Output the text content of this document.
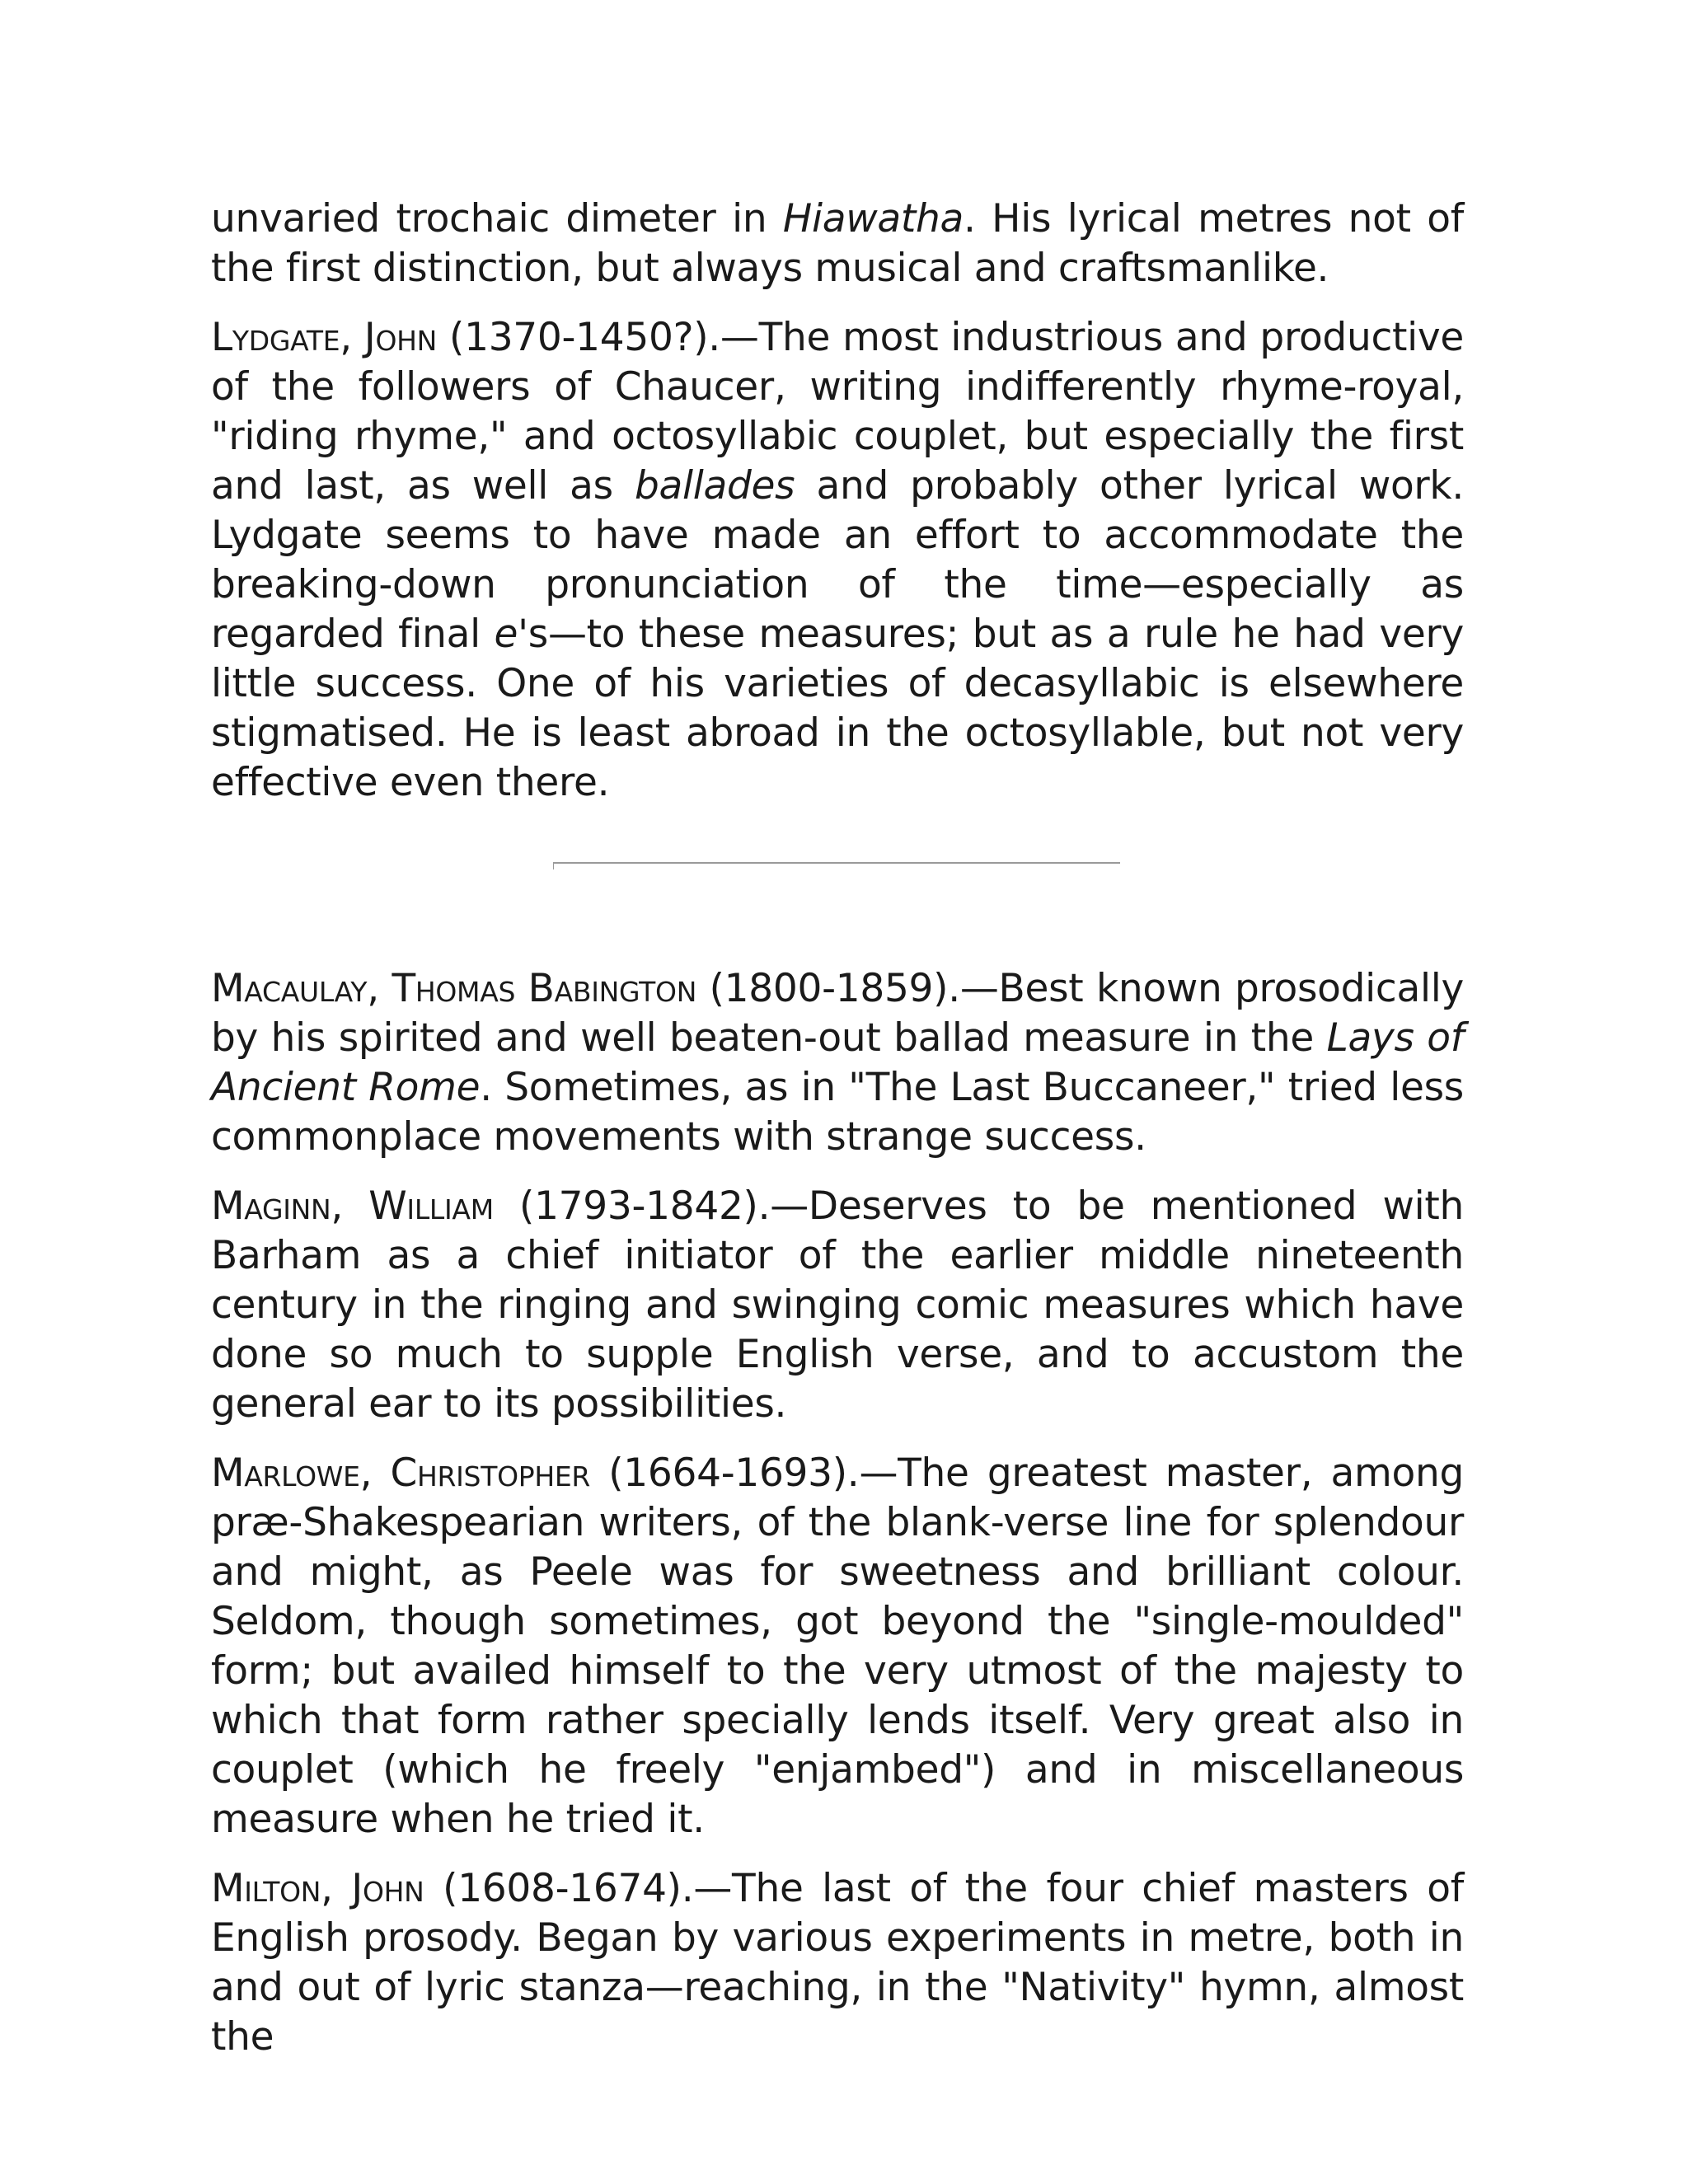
unvaried trochaic dimeter in Hiawatha. His lyrical metres not of the first distinction, but always musical and craftsmanlike.

Lydgate, John (1370-1450?).—The most industrious and productive of the followers of Chaucer, writing indifferently rhyme-royal, "riding rhyme," and octosyllabic couplet, but especially the first and last, as well as ballades and probably other lyrical work. Lydgate seems to have made an effort to accommodate the breaking-down pronunciation of the time—especially as regarded final e's—to these measures; but as a rule he had very little success. One of his varieties of decasyllabic is elsewhere stigmatised. He is least abroad in the octosyllable, but not very effective even there.

Macaulay, Thomas Babington (1800-1859).—Best known prosodically by his spirited and well beaten-out ballad measure in the Lays of Ancient Rome. Sometimes, as in "The Last Buccaneer," tried less commonplace movements with strange success.

Maginn, William (1793-1842).—Deserves to be mentioned with Barham as a chief initiator of the earlier middle nineteenth century in the ringing and swinging comic measures which have done so much to supple English verse, and to accustom the general ear to its possibilities.

Marlowe, Christopher (1664-1693).—The greatest master, among præ-Shakespearian writers, of the blank-verse line for splendour and might, as Peele was for sweetness and brilliant colour. Seldom, though sometimes, got beyond the "single-moulded" form; but availed himself to the very utmost of the majesty to which that form rather specially lends itself. Very great also in couplet (which he freely "enjambed") and in miscellaneous measure when he tried it.

Milton, John (1608-1674).—The last of the four chief masters of English prosody. Began by various experiments in metre, both in and out of lyric stanza—reaching, in the "Nativity" hymn, almost the
